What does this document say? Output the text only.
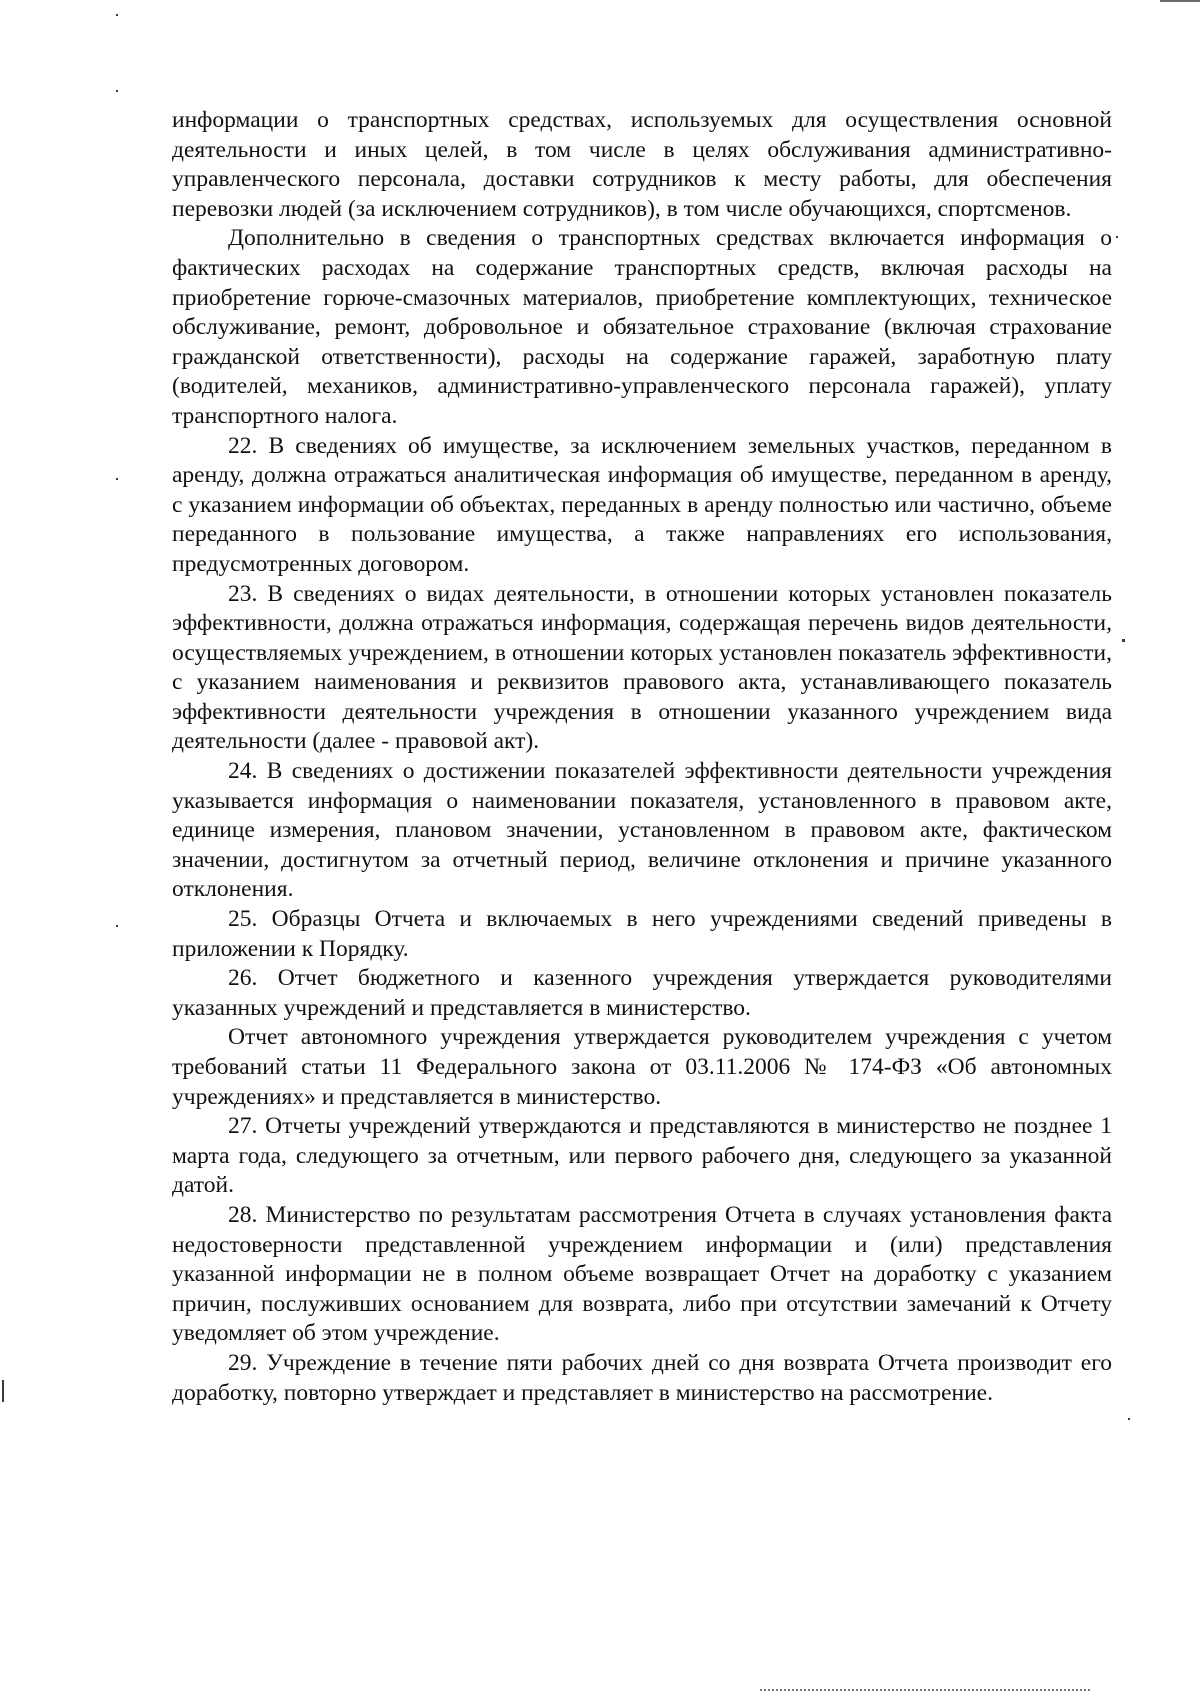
информации о транспортных средствах, используемых для осуществления основной деятельности и иных целей, в том числе в целях обслуживания административно-управленческого персонала, доставки сотрудников к месту работы, для обеспечения перевозки людей (за исключением сотрудников), в том числе обучающихся, спортсменов.

Дополнительно в сведения о транспортных средствах включается информация о фактических расходах на содержание транспортных средств, включая расходы на приобретение горюче-смазочных материалов, приобретение комплектующих, техническое обслуживание, ремонт, добровольное и обязательное страхование (включая страхование гражданской ответственности), расходы на содержание гаражей, заработную плату (водителей, механиков, административно-управленческого персонала гаражей), уплату транспортного налога.

22. В сведениях об имуществе, за исключением земельных участков, переданном в аренду, должна отражаться аналитическая информация об имуществе, переданном в аренду, с указанием информации об объектах, переданных в аренду полностью или частично, объеме переданного в пользование имущества, а также направлениях его использования, предусмотренных договором.

23. В сведениях о видах деятельности, в отношении которых установлен показатель эффективности, должна отражаться информация, содержащая перечень видов деятельности, осуществляемых учреждением, в отношении которых установлен показатель эффективности, с указанием наименования и реквизитов правового акта, устанавливающего показатель эффективности деятельности учреждения в отношении указанного учреждением вида деятельности (далее - правовой акт).

24. В сведениях о достижении показателей эффективности деятельности учреждения указывается информация о наименовании показателя, установленного в правовом акте, единице измерения, плановом значении, установленном в правовом акте, фактическом значении, достигнутом за отчетный период, величине отклонения и причине указанного отклонения.

25. Образцы Отчета и включаемых в него учреждениями сведений приведены в приложении к Порядку.

26. Отчет бюджетного и казенного учреждения утверждается руководителями указанных учреждений и представляется в министерство.

Отчет автономного учреждения утверждается руководителем учреждения с учетом требований статьи 11 Федерального закона от 03.11.2006 № 174-ФЗ «Об автономных учреждениях» и представляется в министерство.

27. Отчеты учреждений утверждаются и представляются в министерство не позднее 1 марта года, следующего за отчетным, или первого рабочего дня, следующего за указанной датой.

28. Министерство по результатам рассмотрения Отчета в случаях установления факта недостоверности представленной учреждением информации и (или) представления указанной информации не в полном объеме возвращает Отчет на доработку с указанием причин, послуживших основанием для возврата, либо при отсутствии замечаний к Отчету уведомляет об этом учреждение.

29. Учреждение в течение пяти рабочих дней со дня возврата Отчета производит его доработку, повторно утверждает и представляет в министерство на рассмотрение.
